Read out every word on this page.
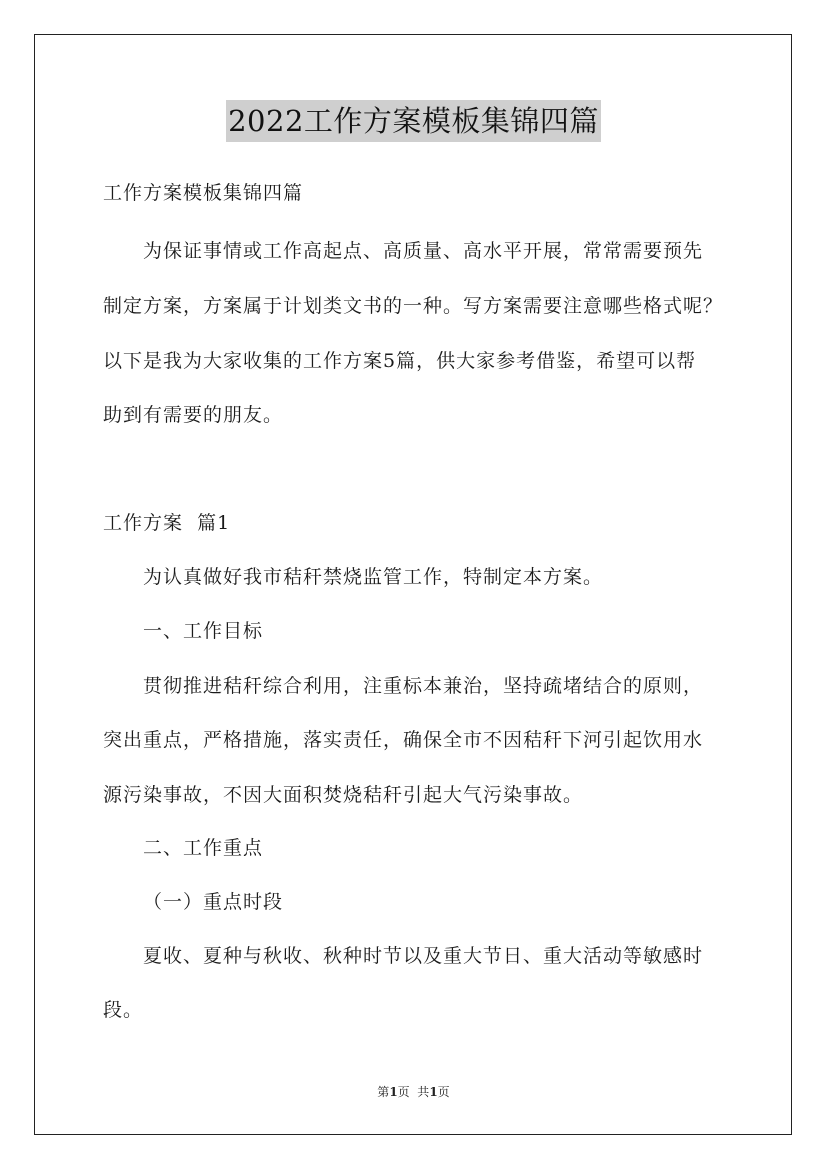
2022工作方案模板集锦四篇
工作方案模板集锦四篇
为保证事情或工作高起点、高质量、高水平开展，常常需要预先
制定方案，方案属于计划类文书的一种。写方案需要注意哪些格式呢？
以下是我为大家收集的工作方案5篇，供大家参考借鉴，希望可以帮
助到有需要的朋友。
工作方案  篇1
为认真做好我市秸秆禁烧监管工作，特制定本方案。
一、工作目标
贯彻推进秸秆综合利用，注重标本兼治，坚持疏堵结合的原则，
突出重点，严格措施，落实责任，确保全市不因秸秆下河引起饮用水
源污染事故，不因大面积焚烧秸秆引起大气污染事故。
二、工作重点
（一）重点时段
夏收、夏种与秋收、秋种时节以及重大节日、重大活动等敏感时
段。
第1页  共1页
